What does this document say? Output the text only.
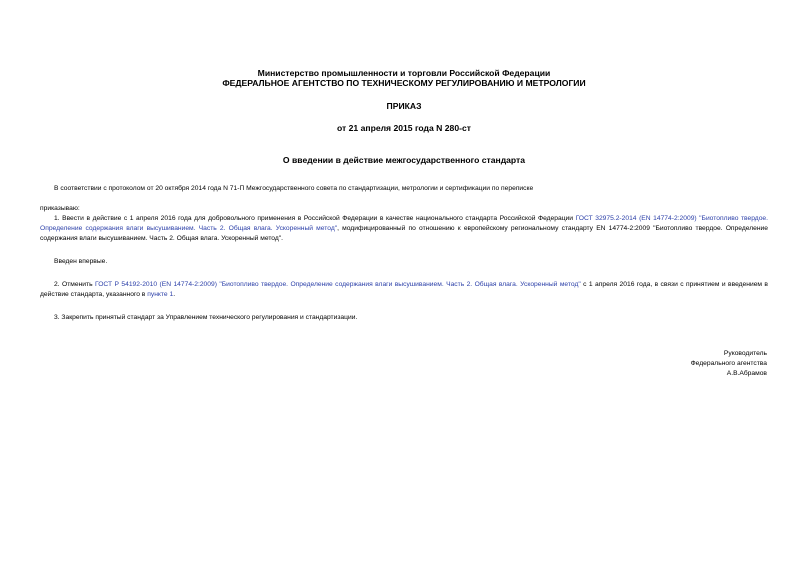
Министерство промышленности и торговли Российской Федерации
ФЕДЕРАЛЬНОЕ АГЕНТСТВО ПО ТЕХНИЧЕСКОМУ РЕГУЛИРОВАНИЮ И МЕТРОЛОГИИ
ПРИКАЗ
от 21 апреля 2015 года N 280-ст
О введении в действие межгосударственного стандарта

В соответствии с протоколом от 20 октября 2014 года N 71-П Межгосударственного совета по стандартизации, метрологии и сертификации по переписке

приказываю:

1. Ввести в действие с 1 апреля 2016 года для добровольного применения в Российской Федерации в качестве национального стандарта Российской Федерации ГОСТ 32975.2-2014 (EN 14774-2:2009) "Биотопливо твердое. Определение содержания влаги высушиванием. Часть 2. Общая влага. Ускоренный метод", модифицированный по отношению к европейскому региональному стандарту EN 14774-2:2009 "Биотопливо твердое. Определение содержания влаги высушиванием. Часть 2. Общая влага. Ускоренный метод".

Введен впервые.

2. Отменить ГОСТ Р 54192-2010 (EN 14774-2:2009) "Биотопливо твердое. Определение содержания влаги высушиванием. Часть 2. Общая влага. Ускоренный метод" с 1 апреля 2016 года, в связи с принятием и введением в действие стандарта, указанного в пункте 1.

3. Закрепить принятый стандарт за Управлением технического регулирования и стандартизации.

Руководитель
Федерального агентства
А.В.Абрамов
